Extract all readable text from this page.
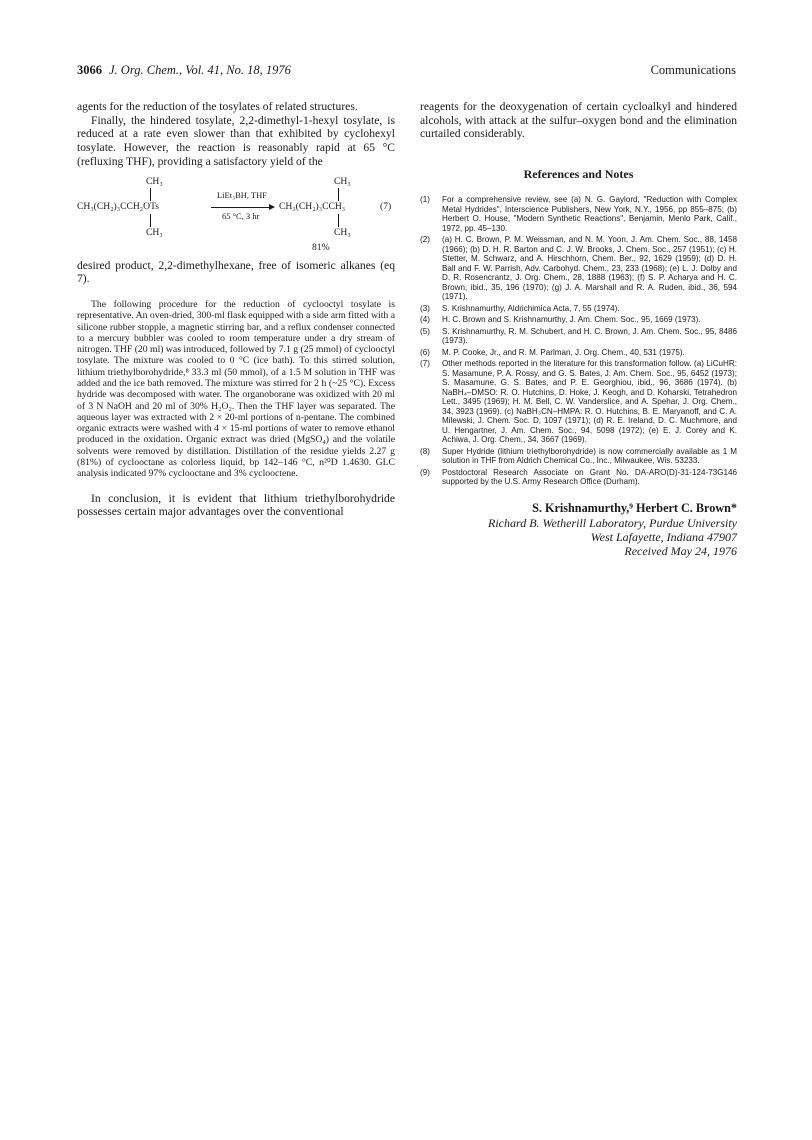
3066 J. Org. Chem., Vol. 41, No. 18, 1976	Communications

agents for the reduction of the tosylates of related structures.

Finally, the hindered tosylate, 2,2-dimethyl-1-hexyl tosylate, is reduced at a rate even slower than that exhibited by cyclohexyl tosylate. However, the reaction is reasonably rapid at 65 °C (refluxing THF), providing a satisfactory yield of the

CH₃
CH₃(CH₂)₃CCH₂OTs
CH₃
LiEt₃BH, THF
65 °C, 3 hr
CH₃
CH₃(CH₂)₃CCH₃
CH₃
81%
(7)

desired product, 2,2-dimethylhexane, free of isomeric alkanes (eq 7).

The following procedure for the reduction of cyclooctyl tosylate is representative. An oven-dried, 300-ml flask equipped with a side arm fitted with a silicone rubber stopple, a magnetic stirring bar, and a reflux condenser connected to a mercury bubbler was cooled to room temperature under a dry stream of nitrogen. THF (20 ml) was introduced, followed by 7.1 g (25 mmol) of cyclooctyl tosylate. The mixture was cooled to 0 °C (ice bath). To this stirred solution, lithium triethylborohydride,⁸ 33.3 ml (50 mmol), of a 1.5 M solution in THF was added and the ice bath removed. The mixture was stirred for 2 h (~25 °C). Excess hydride was decomposed with water. The organoborane was oxidized with 20 ml of 3 N NaOH and 20 ml of 30% H₂O₂. Then the THF layer was separated. The aqueous layer was extracted with 2 × 20-ml portions of n-pentane. The combined organic extracts were washed with 4 × 15-ml portions of water to remove ethanol produced in the oxidation. Organic extract was dried (MgSO₄) and the volatile solvents were removed by distillation. Distillation of the residue yields 2.27 g (81%) of cyclooctane as colorless liquid, bp 142–146 °C, n²⁰D 1.4630. GLC analysis indicated 97% cyclooctane and 3% cyclooctene.

In conclusion, it is evident that lithium triethylborohydride possesses certain major advantages over the conventional

reagents for the deoxygenation of certain cycloalkyl and hindered alcohols, with attack at the sulfur–oxygen bond and the elimination curtailed considerably.

References and Notes
(1)	For a comprehensive review, see (a) N. G. Gaylord, "Reduction with Complex Metal Hydrides", Interscience Publishers, New York, N.Y., 1956, pp 855–875; (b) Herbert O. House, "Modern Synthetic Reactions", Benjamin, Menlo Park, Calif., 1972, pp. 45–130.
(2)	(a) H. C. Brown, P. M. Weissman, and N. M. Yoon, J. Am. Chem. Soc., 88, 1458 (1966); (b) D. H. R. Barton and C. J. W. Brooks, J. Chem. Soc., 257 (1951); (c) H. Stetter, M. Schwarz, and A. Hirschhorn, Chem. Ber., 92, 1629 (1959); (d) D. H. Ball and F. W. Parrish, Adv. Carbohyd. Chem., 23, 233 (1968); (e) L. J. Dolby and D. R. Rosencrantz, J. Org. Chem., 28, 1888 (1963); (f) S. P. Acharya and H. C. Brown, ibid., 35, 196 (1970); (g) J. A. Marshall and R. A. Ruden, ibid., 36, 594 (1971).
(3)	S. Krishnamurthy, Aldrichimica Acta, 7, 55 (1974).
(4)	H. C. Brown and S. Krishnamurthy, J. Am. Chem. Soc., 95, 1669 (1973).
(5)	S. Krishnamurthy, R. M. Schubert, and H. C. Brown, J. Am. Chem. Soc., 95, 8486 (1973).
(6)	M. P. Cooke, Jr., and R. M. Parlman, J. Org. Chem., 40, 531 (1975).
(7)	Other methods reported in the literature for this transformation follow. (a) LiCuHR: S. Masamune, P. A. Rossy, and G. S. Bates, J. Am. Chem. Soc., 95, 6452 (1973); S. Masamune, G. S. Bates, and P. E. Georghiou, ibid., 96, 3686 (1974). (b) NaBH₄–DMSO: R. O. Hutchins, D. Hoke, J. Keogh, and D. Koharski, Tetrahedron Lett., 3495 (1969); H. M. Bell, C. W. Vanderslice, and A. Spehar, J. Org. Chem., 34, 3923 (1969). (c) NaBH₃CN–HMPA: R. O. Hutchins, B. E. Maryanoff, and C. A. Milewski, J. Chem. Soc. D, 1097 (1971); (d) R. E. Ireland, D. C. Muchmore, and U. Hengartner, J. Am. Chem. Soc., 94, 5098 (1972); (e) E. J. Corey and K. Achiwa, J. Org. Chem., 34, 3667 (1969).
(8)	Super Hydride (lithium triethylborohydride) is now commercially available as 1 M solution in THF from Aldrich Chemical Co., Inc., Milwaukee, Wis. 53233.
(9)	Postdoctoral Research Associate on Grant No. DA-ARO(D)-31-124-73G146 supported by the U.S. Army Research Office (Durham).
S. Krishnamurthy,⁹ Herbert C. Brown*
Richard B. Wetherill Laboratory, Purdue University
West Lafayette, Indiana 47907
Received May 24, 1976
